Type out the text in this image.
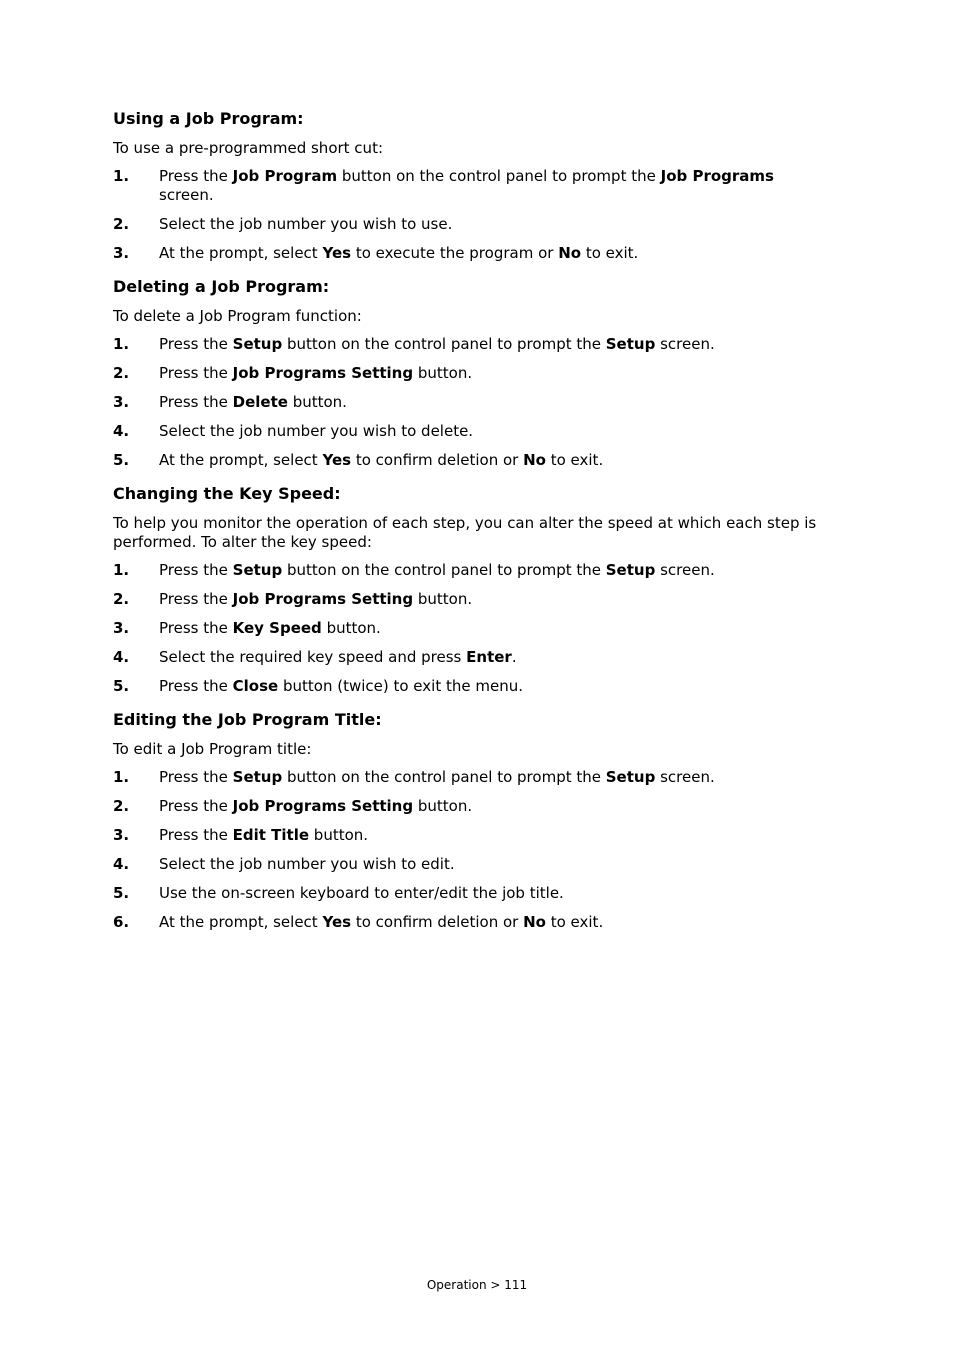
Using a Job Program:

To use a pre-programmed short cut:

1.	Press the Job Program button on the control panel to prompt the Job Programs
screen.
2.	Select the job number you wish to use.
3.	At the prompt, select Yes to execute the program or No to exit.
Deleting a Job Program:

To delete a Job Program function:

1.	Press the Setup button on the control panel to prompt the Setup screen.
2.	Press the Job Programs Setting button.
3.	Press the Delete button.
4.	Select the job number you wish to delete.
5.	At the prompt, select Yes to confirm deletion or No to exit.
Changing the Key Speed:

To help you monitor the operation of each step, you can alter the speed at which each step is performed. To alter the key speed:

1.	Press the Setup button on the control panel to prompt the Setup screen.
2.	Press the Job Programs Setting button.
3.	Press the Key Speed button.
4.	Select the required key speed and press Enter.
5.	Press the Close button (twice) to exit the menu.
Editing the Job Program Title:

To edit a Job Program title:

1.	Press the Setup button on the control panel to prompt the Setup screen.
2.	Press the Job Programs Setting button.
3.	Press the Edit Title button.
4.	Select the job number you wish to edit.
5.	Use the on-screen keyboard to enter/edit the job title.
6.	At the prompt, select Yes to confirm deletion or No to exit.
Operation > 111
